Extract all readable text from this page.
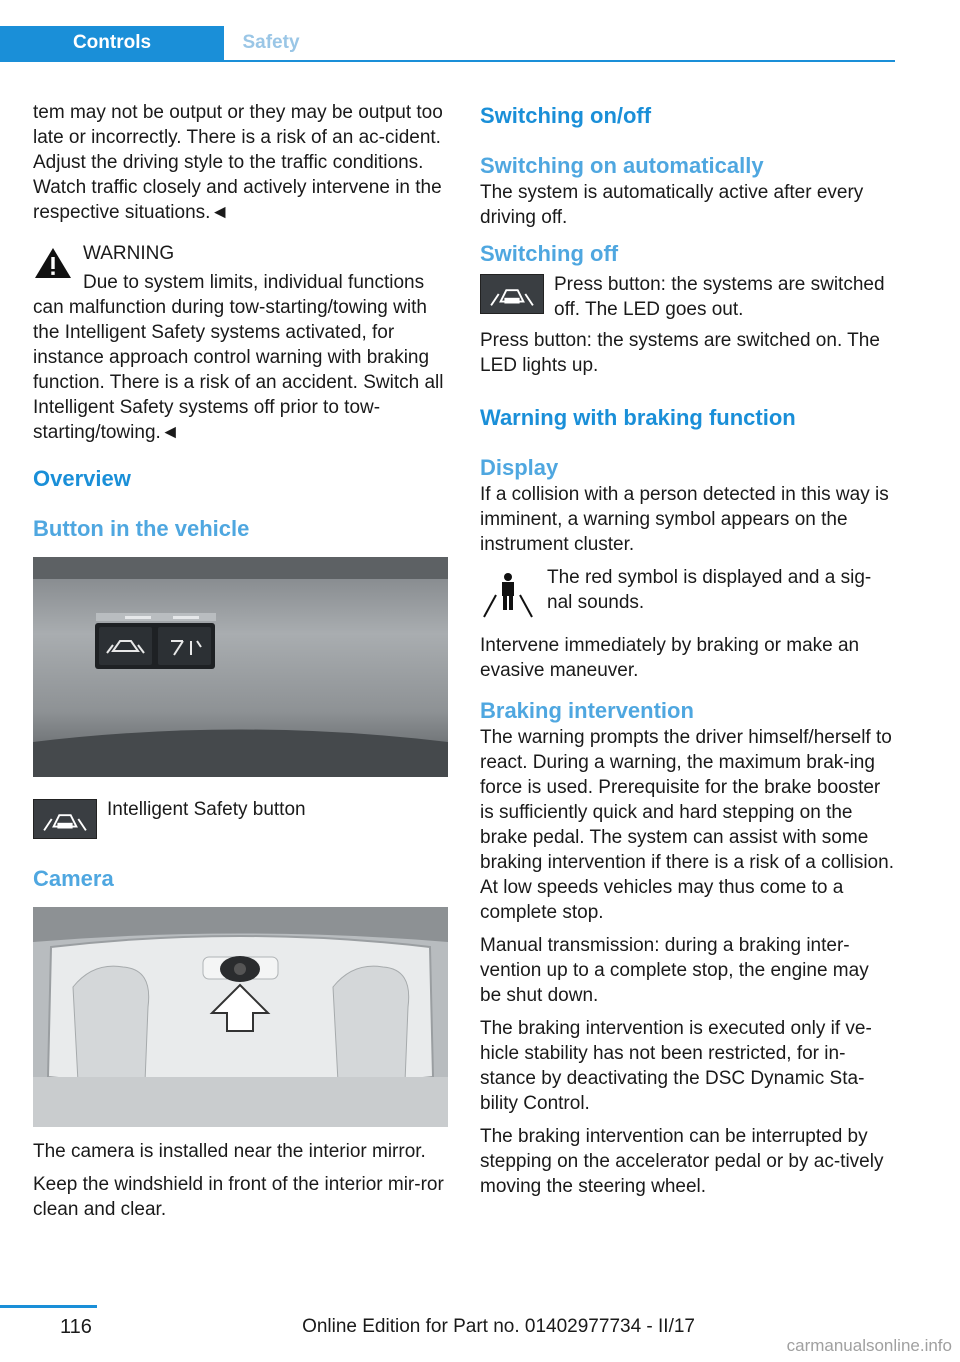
Controls	Safety

tem may not be output or they may be output too late or incorrectly. There is a risk of an ac-cident. Adjust the driving style to the traffic conditions. Watch traffic closely and actively intervene in the respective situations.◄

WARNING

Due to system limits, individual functions can malfunction during tow-starting/towing with the Intelligent Safety systems activated, for instance approach control warning with braking function. There is a risk of an accident. Switch all Intelligent Safety systems off prior to tow-starting/towing.◄

Overview
Button in the vehicle

Intelligent Safety button

Camera

The camera is installed near the interior mirror.

Keep the windshield in front of the interior mir-ror clean and clear.

Switching on/off
Switching on automatically

The system is automatically active after every driving off.

Switching off

Press button: the systems are switched off. The LED goes out.

Press button: the systems are switched on. The LED lights up.

Warning with braking function
Display

If a collision with a person detected in this way is imminent, a warning symbol appears on the instrument cluster.

The red symbol is displayed and a sig-nal sounds.

Intervene immediately by braking or make an evasive maneuver.

Braking intervention

The warning prompts the driver himself/herself to react. During a warning, the maximum brak-ing force is used. Prerequisite for the brake booster is sufficiently quick and hard stepping on the brake pedal. The system can assist with some braking intervention if there is a risk of a collision. At low speeds vehicles may thus come to a complete stop.

Manual transmission: during a braking inter-vention up to a complete stop, the engine may be shut down.

The braking intervention is executed only if ve-hicle stability has not been restricted, for in-stance by deactivating the DSC Dynamic Sta-bility Control.

The braking intervention can be interrupted by stepping on the accelerator pedal or by ac-tively moving the steering wheel.

116	Online Edition for Part no. 01402977734 - II/17
carmanualsonline.info
